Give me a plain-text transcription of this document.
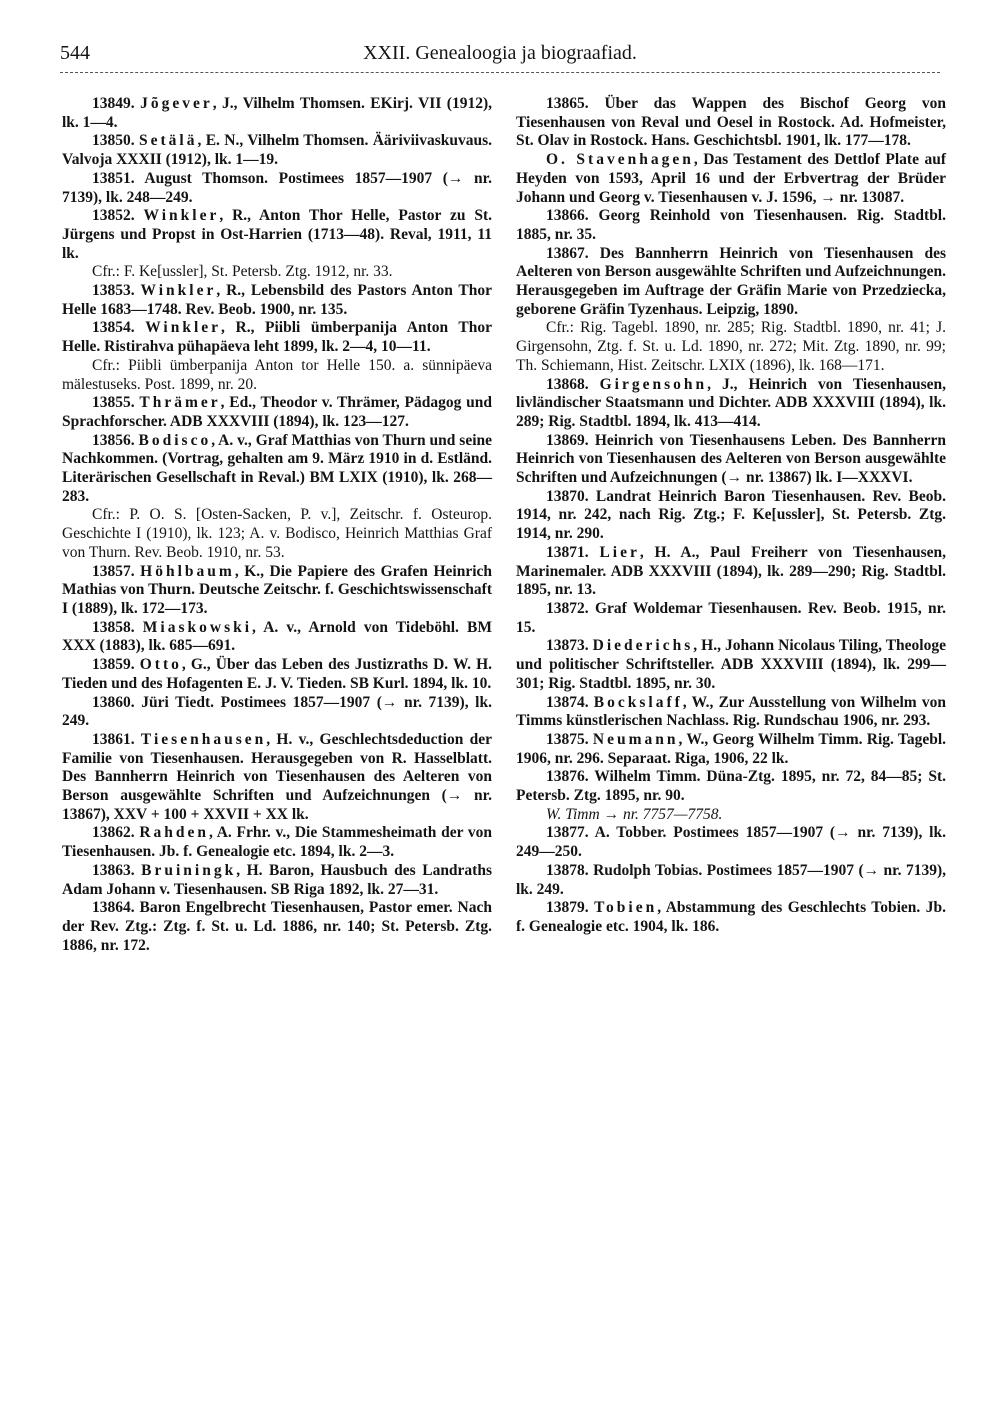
544	XXII. Genealoogia ja biograafiad.

13849. Jõgever, J., Vilhelm Thomsen. EKirj. VII (1912), lk. 1—4.

13850. Setälä, E. N., Vilhelm Thomsen. Ääriviivaskuvaus. Valvoja XXXII (1912), lk. 1—19.

13851. August Thomson. Postimees 1857—1907 (→ nr. 7139), lk. 248—249.

13852. Winkler, R., Anton Thor Helle, Pastor zu St. Jürgens und Propst in Ost-Harrien (1713—48). Reval, 1911, 11 lk.

Cfr.: F. Ke[ussler], St. Petersb. Ztg. 1912, nr. 33.

13853. Winkler, R., Lebensbild des Pastors Anton Thor Helle 1683—1748. Rev. Beob. 1900, nr. 135.

13854. Winkler, R., Piibli ümberpanija Anton Thor Helle. Ristirahva pühapäeva leht 1899, lk. 2—4, 10—11.

Cfr.: Piibli ümberpanija Anton tor Helle 150. a. sünnipäeva mälestuseks. Post. 1899, nr. 20.

13855. Thrämer, Ed., Theodor v. Thrämer, Pädagog und Sprachforscher. ADB XXXVIII (1894), lk. 123—127.

13856. Bodisco, A. v., Graf Matthias von Thurn und seine Nachkommen. (Vortrag, gehalten am 9. März 1910 in d. Estländ. Literärischen Gesellschaft in Reval.) BM LXIX (1910), lk. 268—283.

Cfr.: P. O. S. [Osten-Sacken, P. v.], Zeitschr. f. Osteurop. Geschichte I (1910), lk. 123; A. v. Bodisco, Heinrich Matthias Graf von Thurn. Rev. Beob. 1910, nr. 53.

13857. Höhlbaum, K., Die Papiere des Grafen Heinrich Mathias von Thurn. Deutsche Zeitschr. f. Geschichtswissenschaft I (1889), lk. 172—173.

13858. Miaskowski, A. v., Arnold von Tideböhl. BM XXX (1883), lk. 685—691.

13859. Otto, G., Über das Leben des Justizraths D. W. H. Tieden und des Hofagenten E. J. V. Tieden. SB Kurl. 1894, lk. 10.

13860. Jüri Tiedt. Postimees 1857—1907 (→ nr. 7139), lk. 249.

13861. Tiesenhausen, H. v., Geschlechtsdeduction der Familie von Tiesenhausen. Herausgegeben von R. Hasselblatt. Des Bannherrn Heinrich von Tiesenhausen des Aelteren von Berson ausgewählte Schriften und Aufzeichnungen (→ nr. 13867), XXV + 100 + XXVII + XX lk.

13862. Rahden, A. Frhr. v., Die Stammesheimath der von Tiesenhausen. Jb. f. Genealogie etc. 1894, lk. 2—3.

13863. Bruiningk, H. Baron, Hausbuch des Landraths Adam Johann v. Tiesenhausen. SB Riga 1892, lk. 27—31.

13864. Baron Engelbrecht Tiesenhausen, Pastor emer. Nach der Rev. Ztg.: Ztg. f. St. u. Ld. 1886, nr. 140; St. Petersb. Ztg. 1886, nr. 172.

13865. Über das Wappen des Bischof Georg von Tiesenhausen von Reval und Oesel in Rostock. Ad. Hofmeister, St. Olav in Rostock. Hans. Geschichtsbl. 1901, lk. 177—178.

O. Stavenhagen, Das Testament des Dettlof Plate auf Heyden von 1593, April 16 und der Erbvertrag der Brüder Johann und Georg v. Tiesenhausen v. J. 1596, → nr. 13087.

13866. Georg Reinhold von Tiesenhausen. Rig. Stadtbl. 1885, nr. 35.

13867. Des Bannherrn Heinrich von Tiesenhausen des Aelteren von Berson ausgewählte Schriften und Aufzeichnungen. Herausgegeben im Auftrage der Gräfin Marie von Przedziecka, geborene Gräfin Tyzenhaus. Leipzig, 1890.

Cfr.: Rig. Tagebl. 1890, nr. 285; Rig. Stadtbl. 1890, nr. 41; J. Girgensohn, Ztg. f. St. u. Ld. 1890, nr. 272; Mit. Ztg. 1890, nr. 99; Th. Schiemann, Hist. Zeitschr. LXIX (1896), lk. 168—171.

13868. Girgensohn, J., Heinrich von Tiesenhausen, livländischer Staatsmann und Dichter. ADB XXXVIII (1894), lk. 289; Rig. Stadtbl. 1894, lk. 413—414.

13869. Heinrich von Tiesenhausens Leben. Des Bannherrn Heinrich von Tiesenhausen des Aelteren von Berson ausgewählte Schriften und Aufzeichnungen (→ nr. 13867) lk. I—XXXVI.

13870. Landrat Heinrich Baron Tiesenhausen. Rev. Beob. 1914, nr. 242, nach Rig. Ztg.; F. Ke[ussler], St. Petersb. Ztg. 1914, nr. 290.

13871. Lier, H. A., Paul Freiherr von Tiesenhausen, Marinemaler. ADB XXXVIII (1894), lk. 289—290; Rig. Stadtbl. 1895, nr. 13.

13872. Graf Woldemar Tiesenhausen. Rev. Beob. 1915, nr. 15.

13873. Diederichs, H., Johann Nicolaus Tiling, Theologe und politischer Schriftsteller. ADB XXXVIII (1894), lk. 299—301; Rig. Stadtbl. 1895, nr. 30.

13874. Bockslaff, W., Zur Ausstellung von Wilhelm von Timms künstlerischen Nachlass. Rig. Rundschau 1906, nr. 293.

13875. Neumann, W., Georg Wilhelm Timm. Rig. Tagebl. 1906, nr. 296. Separaat. Riga, 1906, 22 lk.

13876. Wilhelm Timm. Düna-Ztg. 1895, nr. 72, 84—85; St. Petersb. Ztg. 1895, nr. 90.

W. Timm → nr. 7757—7758.

13877. A. Tobber. Postimees 1857—1907 (→ nr. 7139), lk. 249—250.

13878. Rudolph Tobias. Postimees 1857—1907 (→ nr. 7139), lk. 249.

13879. Tobien, Abstammung des Geschlechts Tobien. Jb. f. Genealogie etc. 1904, lk. 186.
